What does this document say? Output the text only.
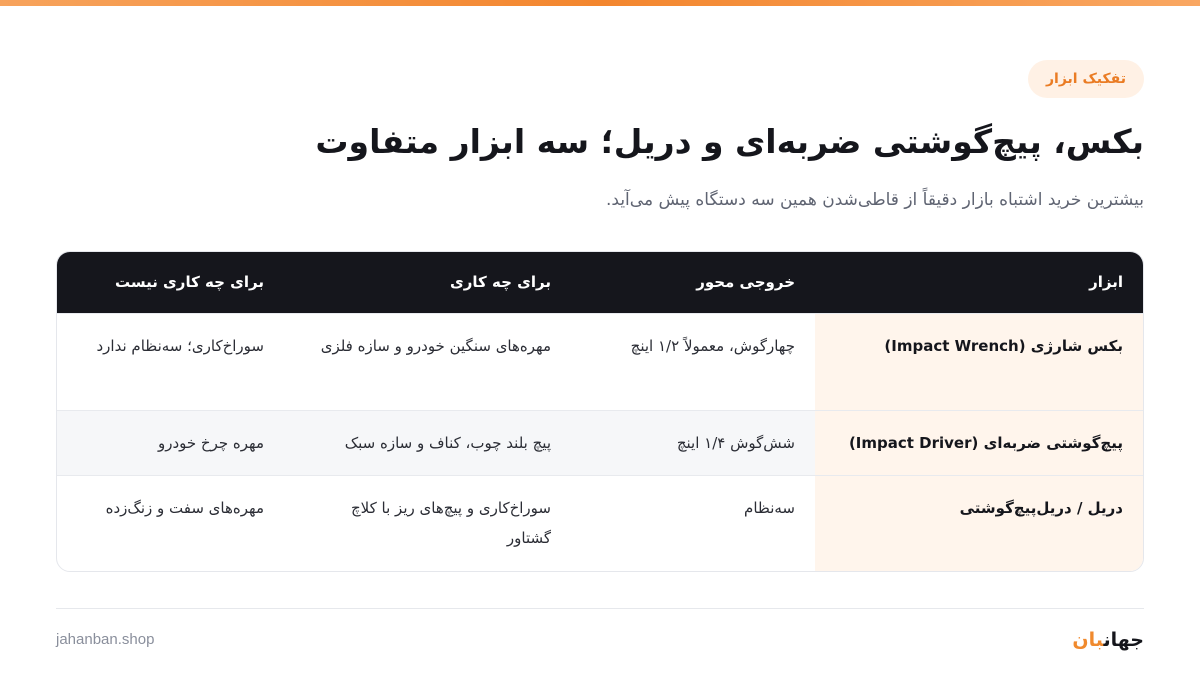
تفکیک ابزار
بکس، پیچ‌گوشتی ضربه‌ای و دریل؛ سه ابزار متفاوت

بیشترین خرید اشتباه بازار دقیقاً از قاطی‌شدن همین سه دستگاه پیش می‌آید.

ابزار	خروجی محور	برای چه کاری	برای چه کاری نیست
بکس شارژی (Impact Wrench)	چهارگوش، معمولاً ۱/۲ اینچ	مهره‌های سنگین خودرو و سازه فلزی	سوراخ‌کاری؛ سه‌نظام ندارد
پیچ‌گوشتی ضربه‌ای (Impact Driver)	شش‌گوش ۱/۴ اینچ	پیچ بلند چوب، کناف و سازه سبک	مهره چرخ خودرو
دریل / دریل‌پیچ‌گوشتی	سه‌نظام	سوراخ‌کاری و پیچ‌های ریز با کلاچ گشتاور	مهره‌های سفت و زنگ‌زده
جهانبان
jahanban.shop
